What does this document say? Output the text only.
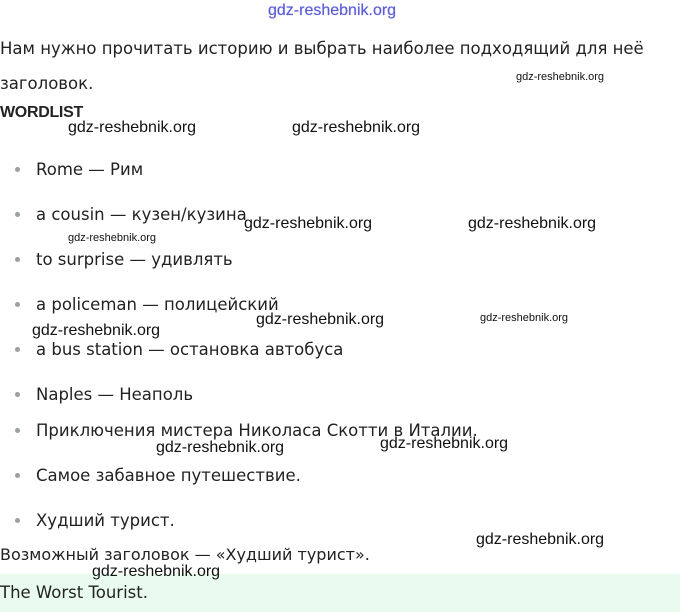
gdz-reshebnik.org
gdz-reshebnik.org
gdz-reshebnik.org	gdz-reshebnik.org
gdz-reshebnik.org	gdz-reshebnik.org
gdz-reshebnik.org
gdz-reshebnik.org	gdz-reshebnik.org
gdz-reshebnik.org
gdz-reshebnik.org
gdz-reshebnik.org
gdz-reshebnik.org
gdz-reshebnik.org
Нам нужно прочитать историю и выбрать наиболее подходящий для неё заголовок.
WORDLIST
Rome — Рим
a cousin — кузен/кузина
to surprise — удивлять
a policeman — полицейский
a bus station — остановка автобуса
Naples — Неаполь
Приключения мистера Николаса Скотти в Италии.
Самое забавное путешествие.
Худший турист.
Возможный заголовок — «Худший турист».
The Worst Tourist.
